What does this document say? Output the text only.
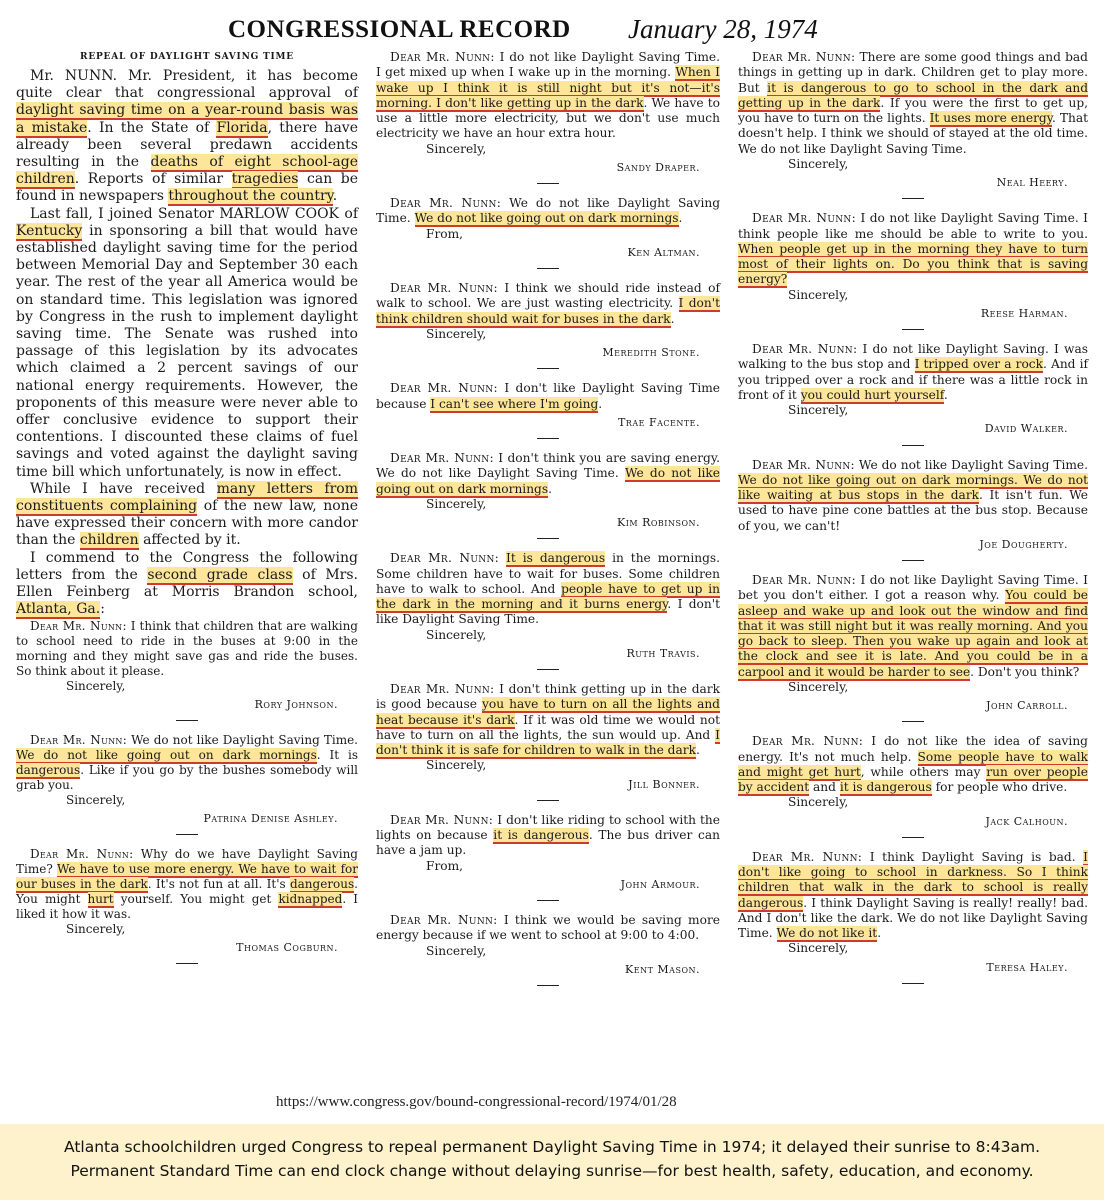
CONGRESSIONAL RECORD January 28, 1974
REPEAL OF DAYLIGHT SAVING TIME

Mr. NUNN. Mr. President, it has become quite clear that congressional approval of daylight saving time on a year-round basis was a mistake. In the State of Florida, there have already been several predawn accidents resulting in the deaths of eight school-age children. Reports of similar tragedies can be found in newspapers throughout the country.

Last fall, I joined Senator MARLOW COOK of Kentucky in sponsoring a bill that would have established daylight saving time for the period between Memorial Day and September 30 each year. The rest of the year all America would be on standard time. This legislation was ignored by Congress in the rush to implement daylight saving time. The Senate was rushed into passage of this legislation by its advocates which claimed a 2 percent savings of our national energy requirements. However, the proponents of this measure were never able to offer conclusive evidence to support their contentions. I discounted these claims of fuel savings and voted against the daylight saving time bill which unfortunately, is now in effect.

While I have received many letters from constituents complaining of the new law, none have expressed their concern with more candor than the children affected by it.

I commend to the Congress the following letters from the second grade class of Mrs. Ellen Feinberg at Morris Brandon school, Atlanta, Ga.:

Dear Mr. Nunn: I think that children that are walking to school need to ride in the buses at 9:00 in the morning and they might save gas and ride the buses. So think about it please.

Sincerely,
Rory Johnson.

Dear Mr. Nunn: We do not like Daylight Saving Time. We do not like going out on dark mornings. It is dangerous. Like if you go by the bushes somebody will grab you.

Sincerely,
Patrina Denise Ashley.

Dear Mr. Nunn: Why do we have Daylight Saving Time? We have to use more energy. We have to wait for our buses in the dark. It's not fun at all. It's dangerous. You might hurt yourself. You might get kidnapped. I liked it how it was.

Sincerely,
Thomas Cogburn.

Dear Mr. Nunn: I do not like Daylight Saving Time. I get mixed up when I wake up in the morning. When I wake up I think it is still night but it's not—it's morning. I don't like getting up in the dark. We have to use a little more electricity, but we don't use much electricity we have an hour extra hour.

Sincerely,
Sandy Draper.

Dear Mr. Nunn: We do not like Daylight Saving Time. We do not like going out on dark mornings.

From,
Ken Altman.

Dear Mr. Nunn: I think we should ride instead of walk to school. We are just wasting electricity. I don't think children should wait for buses in the dark.

Sincerely,
Meredith Stone.

Dear Mr. Nunn: I don't like Daylight Saving Time because I can't see where I'm going.

Trae Facente.

Dear Mr. Nunn: I don't think you are saving energy. We do not like Daylight Saving Time. We do not like going out on dark mornings.

Sincerely,
Kim Robinson.

Dear Mr. Nunn: It is dangerous in the mornings. Some children have to wait for buses. Some children have to walk to school. And people have to get up in the dark in the morning and it burns energy. I don't like Daylight Saving Time.

Sincerely,
Ruth Travis.

Dear Mr. Nunn: I don't think getting up in the dark is good because you have to turn on all the lights and heat because it's dark. If it was old time we would not have to turn on all the lights, the sun would up. And I don't think it is safe for children to walk in the dark.

Sincerely,
Jill Bonner.

Dear Mr. Nunn: I don't like riding to school with the lights on because it is dangerous. The bus driver can have a jam up.

From,
John Armour.

Dear Mr. Nunn: I think we would be saving more energy because if we went to school at 9:00 to 4:00.

Sincerely,
Kent Mason.

Dear Mr. Nunn: There are some good things and bad things in getting up in dark. Children get to play more. But it is dangerous to go to school in the dark and getting up in the dark. If you were the first to get up, you have to turn on the lights. It uses more energy. That doesn't help. I think we should of stayed at the old time. We do not like Daylight Saving Time.

Sincerely,
Neal Heery.

Dear Mr. Nunn: I do not like Daylight Saving Time. I think people like me should be able to write to you. When people get up in the morning they have to turn most of their lights on. Do you think that is saving energy?

Sincerely,
Reese Harman.

Dear Mr. Nunn: I do not like Daylight Saving. I was walking to the bus stop and I tripped over a rock. And if you tripped over a rock and if there was a little rock in front of it you could hurt yourself.

Sincerely,
David Walker.

Dear Mr. Nunn: We do not like Daylight Saving Time. We do not like going out on dark mornings. We do not like waiting at bus stops in the dark. It isn't fun. We used to have pine cone battles at the bus stop. Because of you, we can't!

Joe Dougherty.

Dear Mr. Nunn: I do not like Daylight Saving Time. I bet you don't either. I got a reason why. You could be asleep and wake up and look out the window and find that it was still night but it was really morning. And you go back to sleep. Then you wake up again and look at the clock and see it is late. And you could be in a carpool and it would be harder to see. Don't you think?

Sincerely,
John Carroll.

Dear Mr. Nunn: I do not like the idea of saving energy. It's not much help. Some people have to walk and might get hurt, while others may run over people by accident and it is dangerous for people who drive.

Sincerely,
Jack Calhoun.

Dear Mr. Nunn: I think Daylight Saving is bad. I don't like going to school in darkness. So I think children that walk in the dark to school is really dangerous. I think Daylight Saving is really! really! bad. And I don't like the dark. We do not like Daylight Saving Time. We do not like it.

Sincerely,
Teresa Haley.
https://www.congress.gov/bound-congressional-record/1974/01/28
Atlanta schoolchildren urged Congress to repeal permanent Daylight Saving Time in 1974; it delayed their sunrise to 8:43am.
Permanent Standard Time can end clock change without delaying sunrise—for best health, safety, education, and economy.
